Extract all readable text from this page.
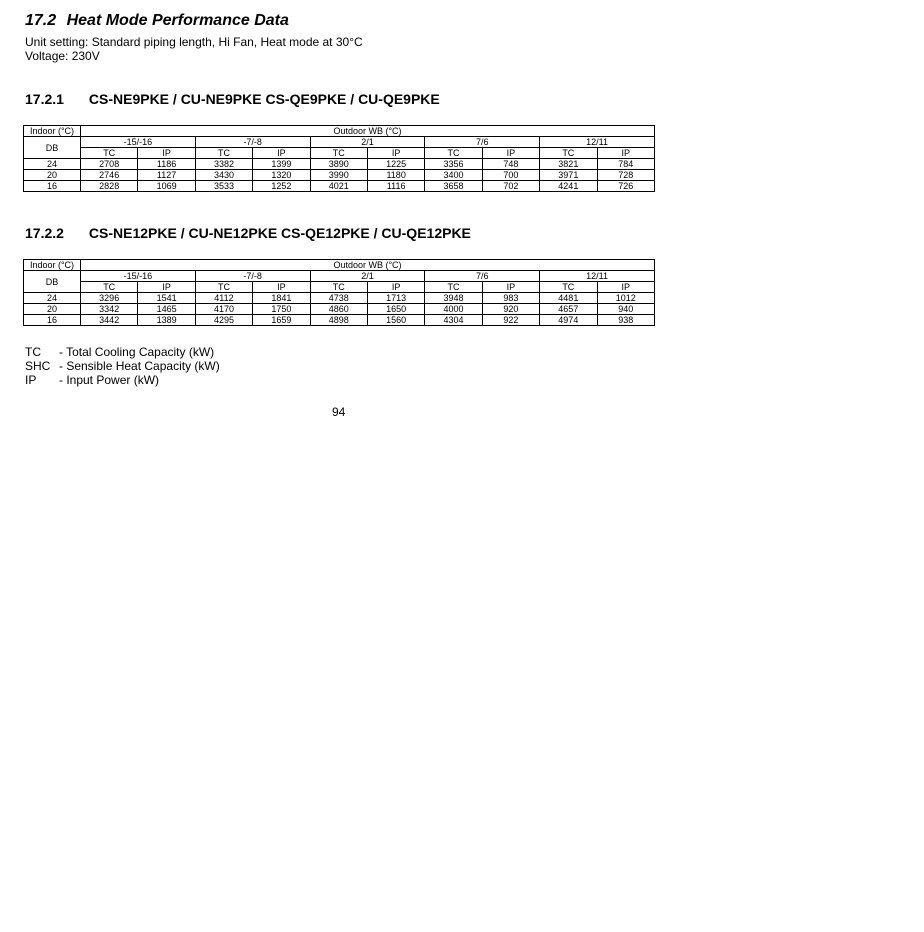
17.2 Heat Mode Performance Data
Unit setting: Standard piping length, Hi Fan, Heat mode at 30°C
Voltage: 230V
17.2.1 CS-NE9PKE / CU-NE9PKE CS-QE9PKE / CU-QE9PKE
Indoor (°C)	Outdoor WB (°C)									
DB	-15/-16		-7/-8		2/1		7/6		12/11	
	TC	IP	TC	IP	TC	IP	TC	IP	TC	IP
24	2708	1186	3382	1399	3890	1225	3356	748	3821	784
20	2746	1127	3430	1320	3990	1180	3400	700	3971	728
16	2828	1069	3533	1252	4021	1116	3658	702	4241	726
17.2.2 CS-NE12PKE / CU-NE12PKE CS-QE12PKE / CU-QE12PKE
Indoor (°C)	Outdoor WB (°C)									
DB	-15/-16		-7/-8		2/1		7/6		12/11	
	TC	IP	TC	IP	TC	IP	TC	IP	TC	IP
24	3296	1541	4112	1841	4738	1713	3948	983	4481	1012
20	3342	1465	4170	1750	4860	1650	4000	920	4657	940
16	3442	1389	4295	1659	4898	1560	4304	922	4974	938
TC	- Total Cooling Capacity (kW)
SHC - Sensible Heat Capacity (kW)
IP	- Input Power (kW)
94
